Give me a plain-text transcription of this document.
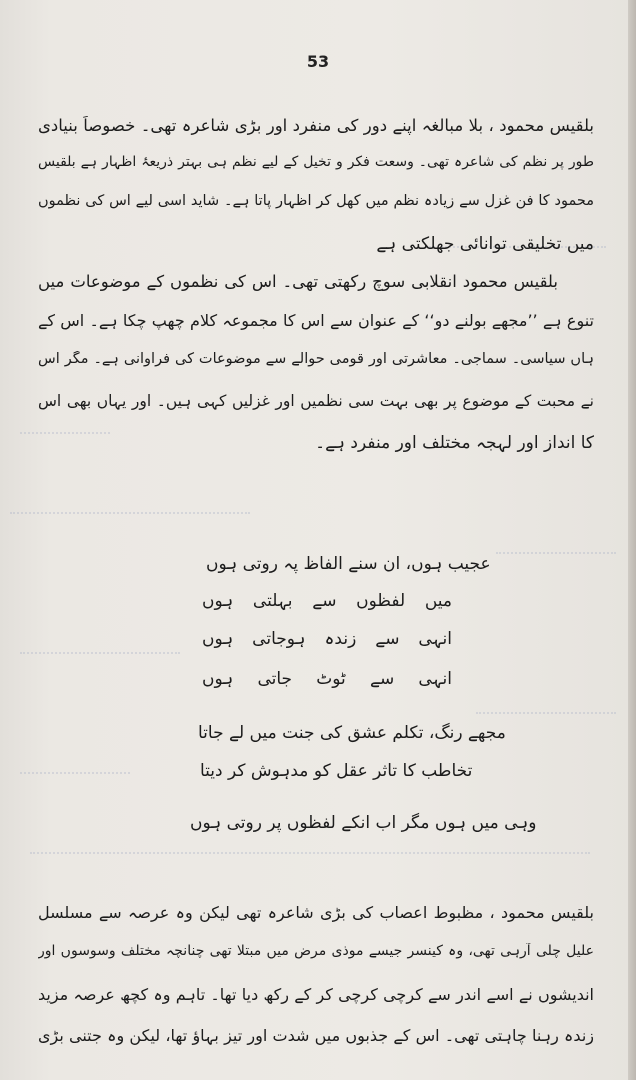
53
بلقیس محمود ، بلا مبالغہ اپنے دور کی منفرد اور بڑی شاعرہ تھی۔ خصوصاً بنیادی
طور پر نظم کی شاعرہ تھی۔ وسعت فکر و تخیل کے لیے نظم ہی بہتر ذریعۂ اظہار ہے بلقیس
محمود کا فن غزل سے زیادہ نظم میں کھل کر اظہار پاتا ہے۔ شاید اسی لیے اس کی نظموں
میں تخلیقی توانائی جھلکتی ہے
بلقیس محمود انقلابی سوچ رکھتی تھی۔ اس کی نظموں کے موضوعات میں
تنوع ہے ’’مجھے بولنے دو‘‘ کے عنوان سے اس کا مجموعہ کلام چھپ چکا ہے۔ اس کے
ہاں سیاسی۔ سماجی۔ معاشرتی اور قومی حوالے سے موضوعات کی فراوانی ہے۔ مگر اس
نے محبت کے موضوع پر بھی بہت سی نظمیں اور غزلیں کہی ہیں۔ اور یہاں بھی اس
کا انداز اور لہجہ مختلف اور منفرد ہے۔
عجیب ہوں، ان سنے الفاظ پہ روتی ہوں
میں لفظوں سے بہلتی ہوں
انہی سے زندہ ہوجاتی ہوں
انہی سے ٹوٹ جاتی ہوں
مجھے رنگ، تکلم عشق کی جنت میں لے جاتا
تخاطب کا تاثر عقل کو مدہوش کر دیتا
وہی میں ہوں مگر اب انکے لفظوں پر روتی ہوں
بلقیس محمود ، مظبوط اعصاب کی بڑی شاعرہ تھی لیکن وہ عرصہ سے مسلسل
علیل چلی آرہی تھی، وہ کینسر جیسے موذی مرض میں مبتلا تھی چنانچہ مختلف وسوسوں اور
اندیشوں نے اسے اندر سے کرچی کرچی کر کے رکھ دیا تھا۔ تاہم وہ کچھ عرصہ مزید
زندہ رہنا چاہتی تھی۔ اس کے جذبوں میں شدت اور تیز بہاؤ تھا، لیکن وہ جتنی بڑی
